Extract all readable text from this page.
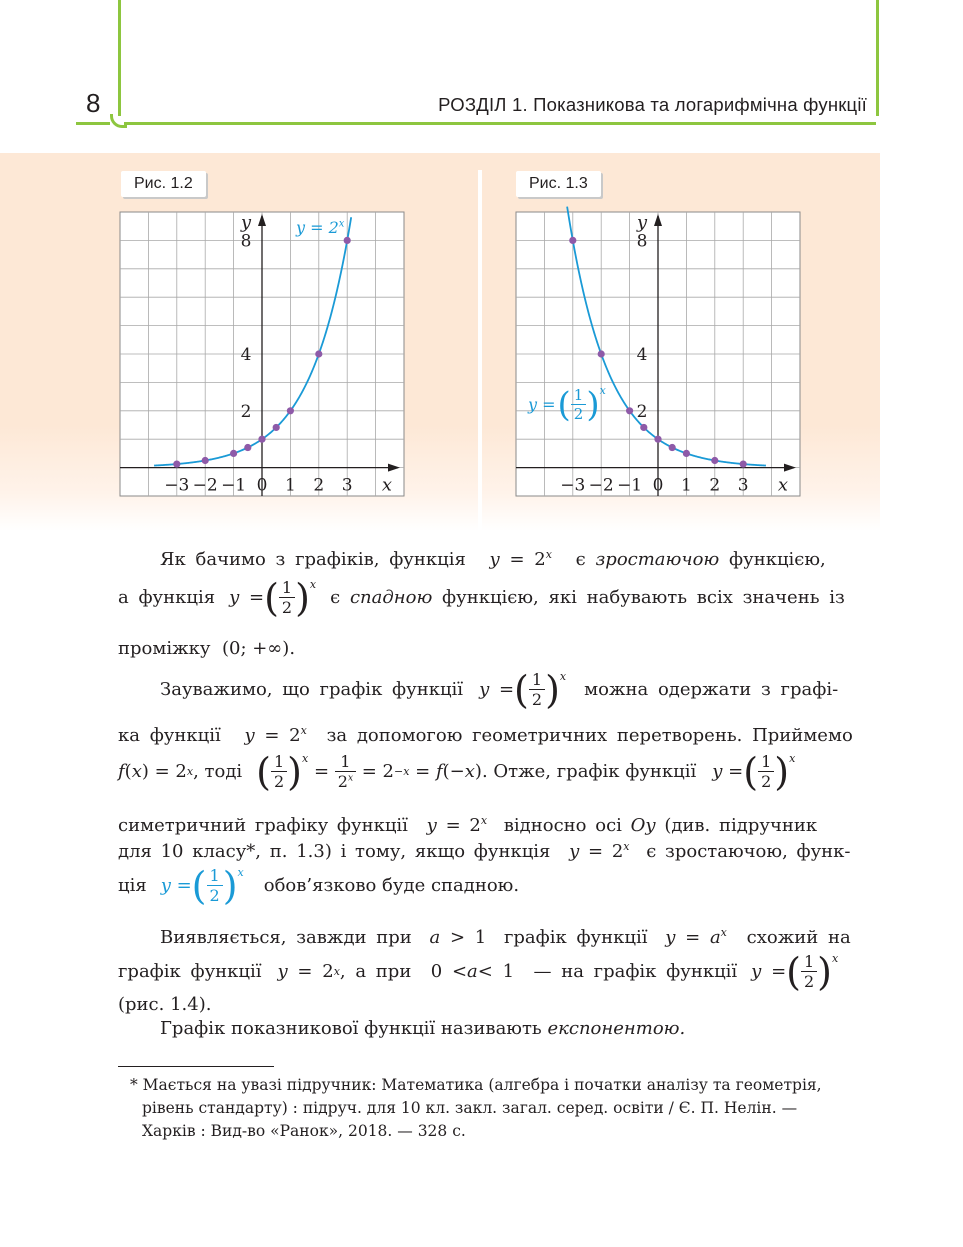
8	РОЗДІЛ 1. Показникова та логарифмічна функції
Рис. 1.2	Рис. 1.3
−3 −2 −1 0 1 2 3
2
4
8
x
y
−3 −2 −1 0 1 2 3
2
4
8
x
y
$y = 2^x$
y = ( $\frac{1}{2}$ ) x
Як бачимо з графіків, функція $y = 2^x$ є зростаючою функцією,
а функція y = ( $\frac{1}{2}$ ) x
є
спадною
функцією, які набувають всіх значень із
проміжку (0; +∞).
Зауважимо, що графік функції y = ( $\frac{1}{2}$ ) x
можна одержати з графі-
ка функції $y = 2^x$ за допомогою геометричних перетворень. Приймемо
f ( x ) = 2 x , тоді ( $\frac{1}{2}$ ) x
= $\frac{1}{2^x} = 2 -x = f$ (− x ) . Отже, графік функції y = ( $\frac{1}{2}$ ) x
симетричний графіку функції $y = 2^x$ відносно осі Oy (див. підручник
для 10 класу*, п. 1.3) і тому, якщо функція $y = 2^x$ є зростаючою, функ-
ція y = ( $\frac{1}{2}$ ) x
обов’язково буде спадною.
Виявляється, завжди при a > 1 графік функції $y = a^x$ схожий на
графік функції y = 2 x , а при 0 < a < 1 — на графік функції y = ( $\frac{1}{2}$ ) x
(рис. 1.4).
Графік показникової функції називають експонентою.
* Мається на увазі підручник: Математика (алгебра і початки аналізу та геометрія,
рівень стандарту) : підруч. для 10 кл. закл. загал. серед. освіти / Є. П. Нелін. —
Харків : Вид-во «Ранок», 2018. — 328 с.
